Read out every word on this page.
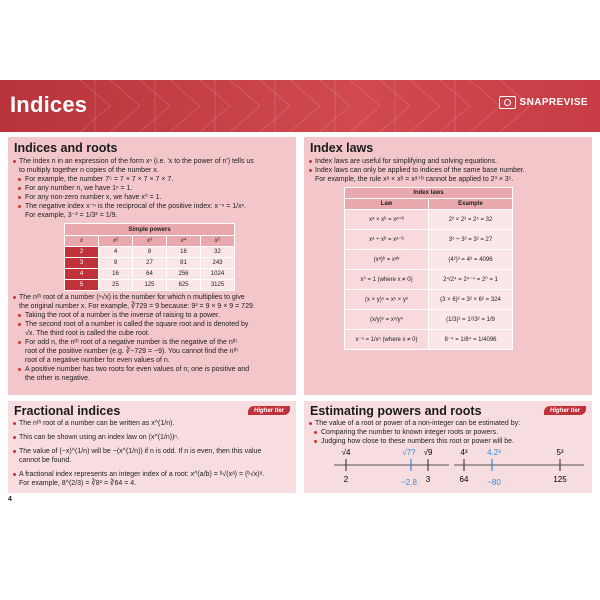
Indices	SNAPREVISE
Indices and roots

The index n in an expression of the form xⁿ (i.e. 'x to the power of n') tells us

to multiply together n copies of the number x.

For example, the number 7⁵ = 7 × 7 × 7 × 7 × 7.

For any number n, we have 1ⁿ = 1.

For any non-zero number x, we have x⁰ = 1.

The negative index x⁻ⁿ is the reciprocal of the positive index: x⁻ⁿ = 1/xⁿ.

For example, 3⁻² = 1/3² = 1/9.

Simple powers				
x	x²	x³	x⁴	x⁵
2	4	8	16	32
3	9	27	81	243
4	16	64	256	1024
5	25	125	625	3125

The nᵗʰ root of a number (ⁿ√x) is the number for which n multiplies to give

the original number x. For example, ∛729 = 9 because: 9³ = 9 × 9 × 9 = 729.

Taking the root of a number is the inverse of raising to a power.

The second root of a number is called the square root and is denoted by

√x. The third root is called the cube root.

For odd n, the nᵗʰ root of a negative number is the negative of the nᵗʰ

root of the positive number (e.g. ∛−729 = −9). You cannot find the nᵗʰ

root of a negative number for even values of n.

A positive number has two roots for even values of n; one is positive and

the other is negative.

Index laws

Index laws are useful for simplifying and solving equations.

Index laws can only be applied to indices of the same base number.

For example, the rule xᵃ × xᵇ = xᵃ⁺ᵇ cannot be applied to 2³ × 3⁵.

Index laws	
Law	Example
xᵃ × xᵇ = xᵃ⁺ᵇ	2² × 2³ = 2⁵ = 32
xᵃ ÷ xᵇ = xᵃ⁻ᵇ	3⁵ ÷ 3³ = 3² = 27
(xᵃ)ᵇ = xᵃᵇ	(4²)³ = 4⁶ = 4096
x⁰ = 1 (where x ≠ 0)	2⁴/2⁴ = 2⁴⁻⁴ = 2⁰ = 1
(x × y)ⁿ = xⁿ × yⁿ	(3 × 6)² = 3² × 6² = 324
(x/y)ⁿ = xⁿ/yⁿ	(1/3)² = 1²/3² = 1/9
x⁻ⁿ = 1/xⁿ (where x ≠ 0)	8⁻⁴ = 1/8⁴ = 1/4096
Fractional indices	Higher tier

The nᵗʰ root of a number can be written as x^(1/n).

This can be shown using an index law on (x^(1/n))ⁿ.

The value of (−x)^(1/n) will be −(x^(1/n)) if n is odd. If n is even, then this value

cannot be found.

A fractional index represents an integer index of a root: x^(a/b) = ᵇ√(xᵃ) = (ᵇ√x)ᵃ.

For example, 8^(2/3) = ∛8² = ∛64 = 4.

Estimating powers and roots	Higher tier

The value of a root or power of a non-integer can be estimated by:

Comparing the number to known integer roots or powers.

Judging how close to these numbers this root or power will be.

√4	√7? √9
2	~2.8 3
4³ 4.2³	5³
64 ~80	125
4
